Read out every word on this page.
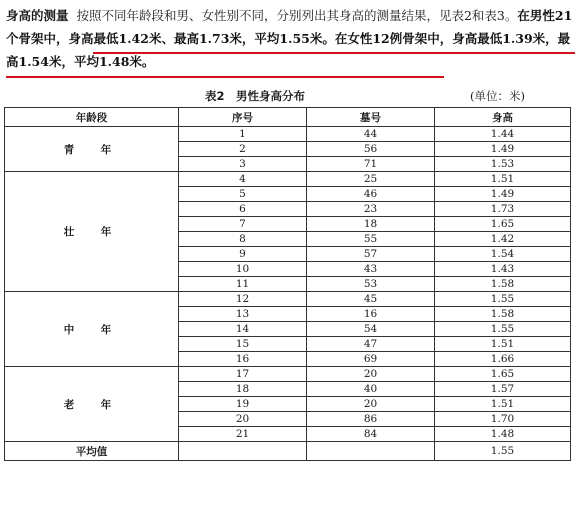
身高的测量 按照不同年龄段和男、女性别不同，分别列出其身高的测量结果，见表2和表3。在男性21个骨架中，身高最低1.42米、最高1.73米，平均1.55米。在女性12例骨架中，身高最低1.39米，最高1.54米，平均1.48米。
表2　男性身高分布	(单位：米)
年龄段	序号	墓号	身高
青　年	1	44	1.44
	2	56	1.49
	3	71	1.53
壮　年	4	25	1.51
	5	46	1.49
	6	23	1.73
	7	18	1.65
	8	55	1.42
	9	57	1.54
	10	43	1.43
	11	53	1.58
中　年	12	45	1.55
	13	16	1.58
	14	54	1.55
	15	47	1.51
	16	69	1.66
老　年	17	20	1.65
	18	40	1.57
	19	20	1.51
	20	86	1.70
	21	84	1.48
平均值			1.55
